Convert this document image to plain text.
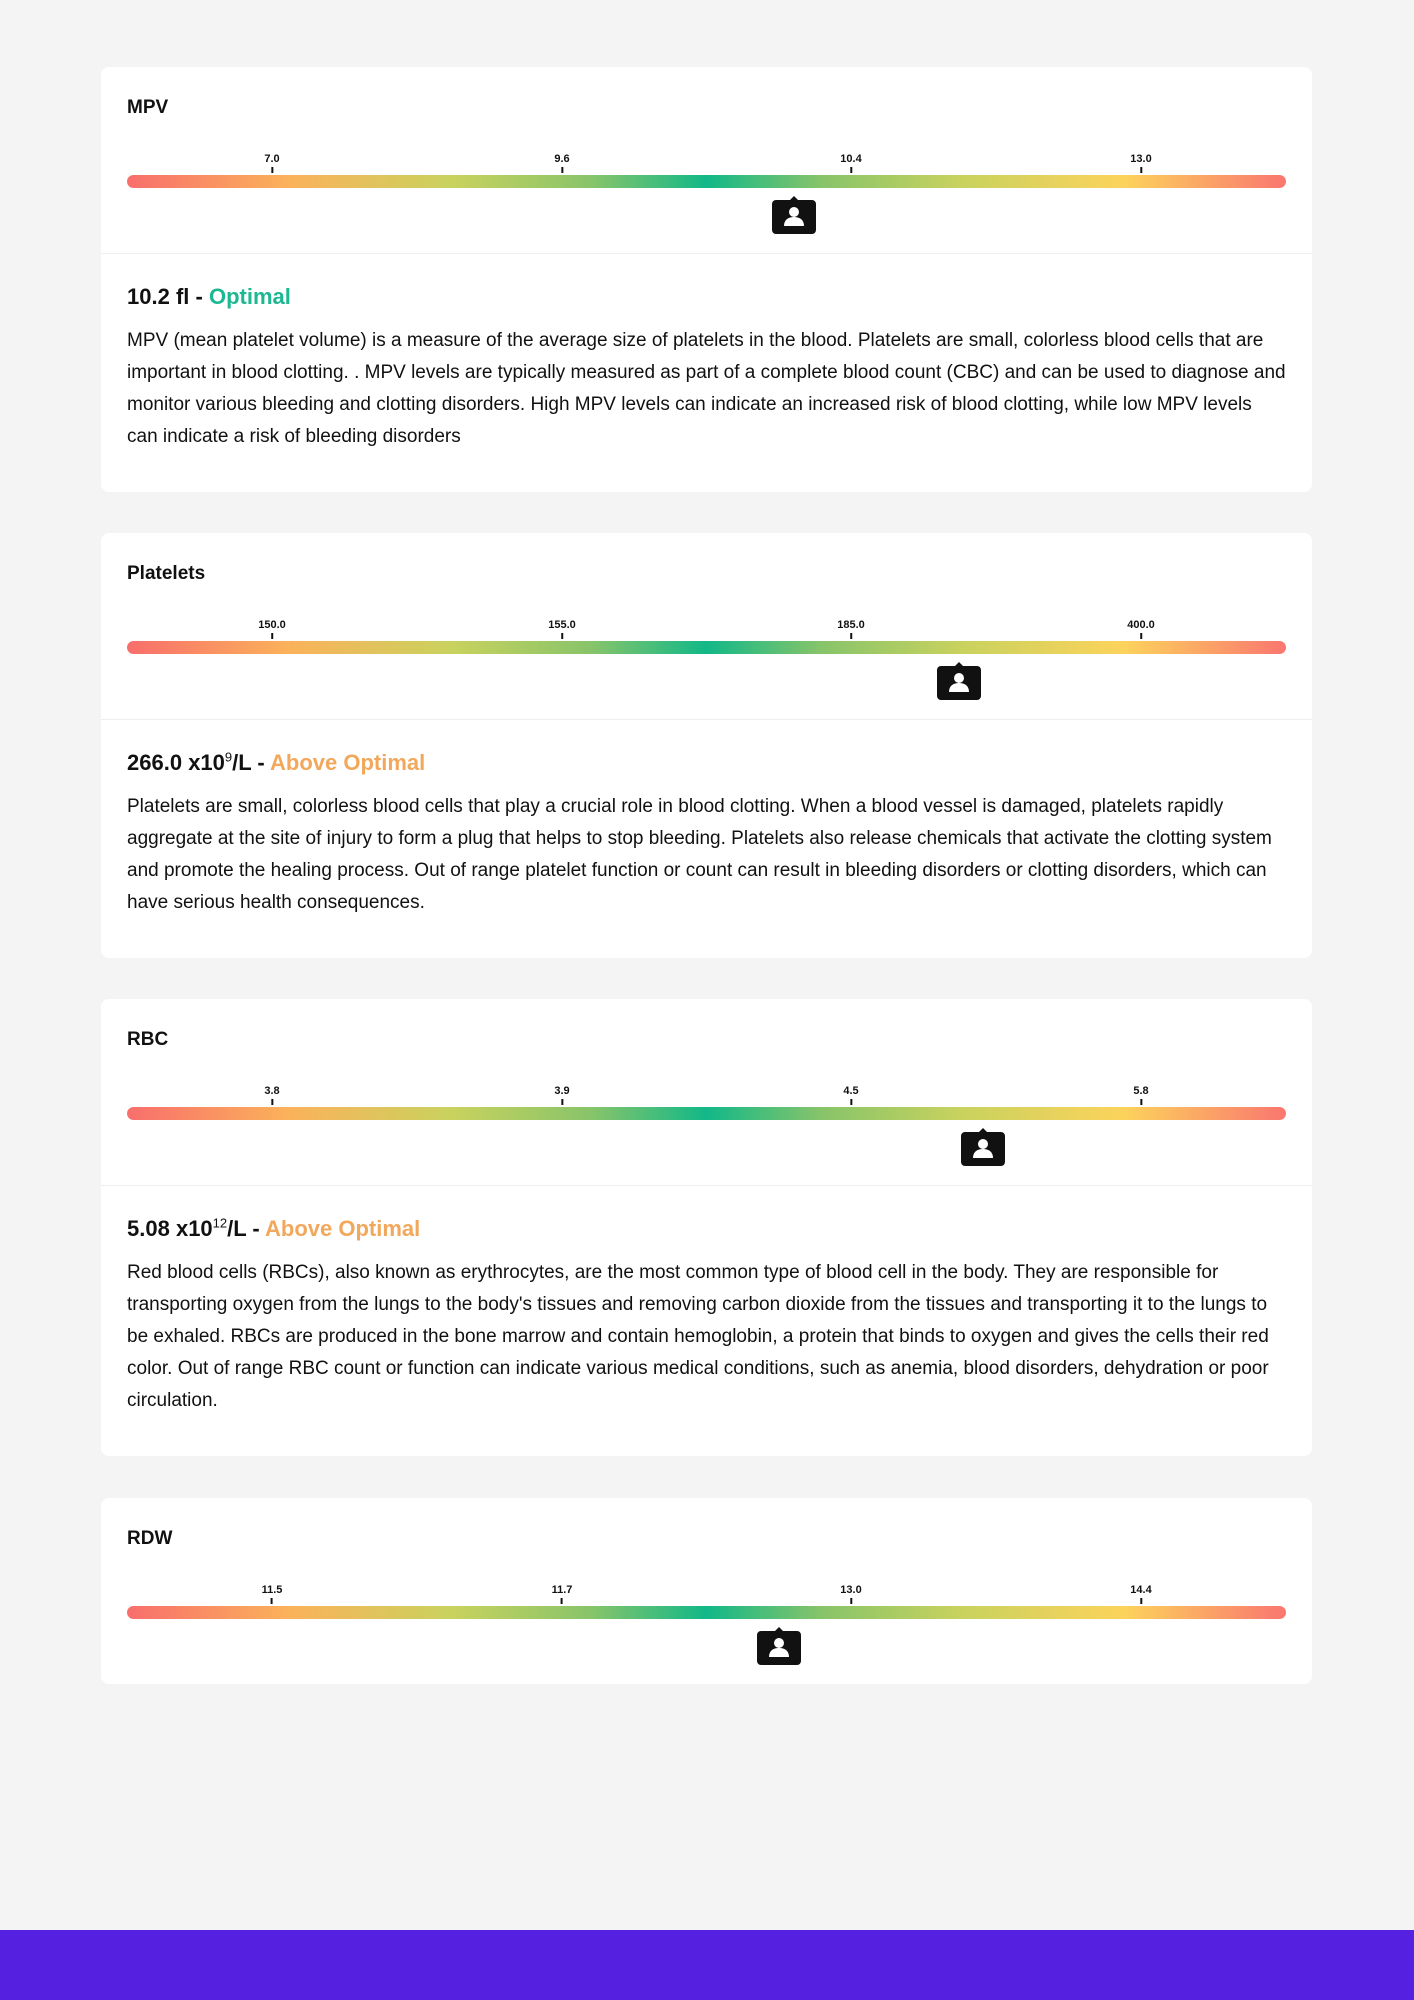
MPV
7.0	9.6	10.4	13.0

10.2 fl - Optimal

MPV (mean platelet volume) is a measure of the average size of platelets in the blood. Platelets are small, colorless blood cells that are important in blood clotting. . MPV levels are typically measured as part of a complete blood count (CBC) and can be used to diagnose and monitor various bleeding and clotting disorders. High MPV levels can indicate an increased risk of blood clotting, while low MPV levels can indicate a risk of bleeding disorders

Platelets
150.0	155.0	185.0	400.0

266.0 $x10^9/L$ - Above Optimal

Platelets are small, colorless blood cells that play a crucial role in blood clotting. When a blood vessel is damaged, platelets rapidly aggregate at the site of injury to form a plug that helps to stop bleeding. Platelets also release chemicals that activate the clotting system and promote the healing process. Out of range platelet function or count can result in bleeding disorders or clotting disorders, which can have serious health consequences.

RBC
3.8	3.9	4.5	5.8

5.08 $x10^{12}/L$ - Above Optimal

Red blood cells (RBCs), also known as erythrocytes, are the most common type of blood cell in the body. They are responsible for transporting oxygen from the lungs to the body's tissues and removing carbon dioxide from the tissues and transporting it to the lungs to be exhaled. RBCs are produced in the bone marrow and contain hemoglobin, a protein that binds to oxygen and gives the cells their red color. Out of range RBC count or function can indicate various medical conditions, such as anemia, blood disorders, dehydration or poor circulation.

RDW
11.5	11.7	13.0	14.4
